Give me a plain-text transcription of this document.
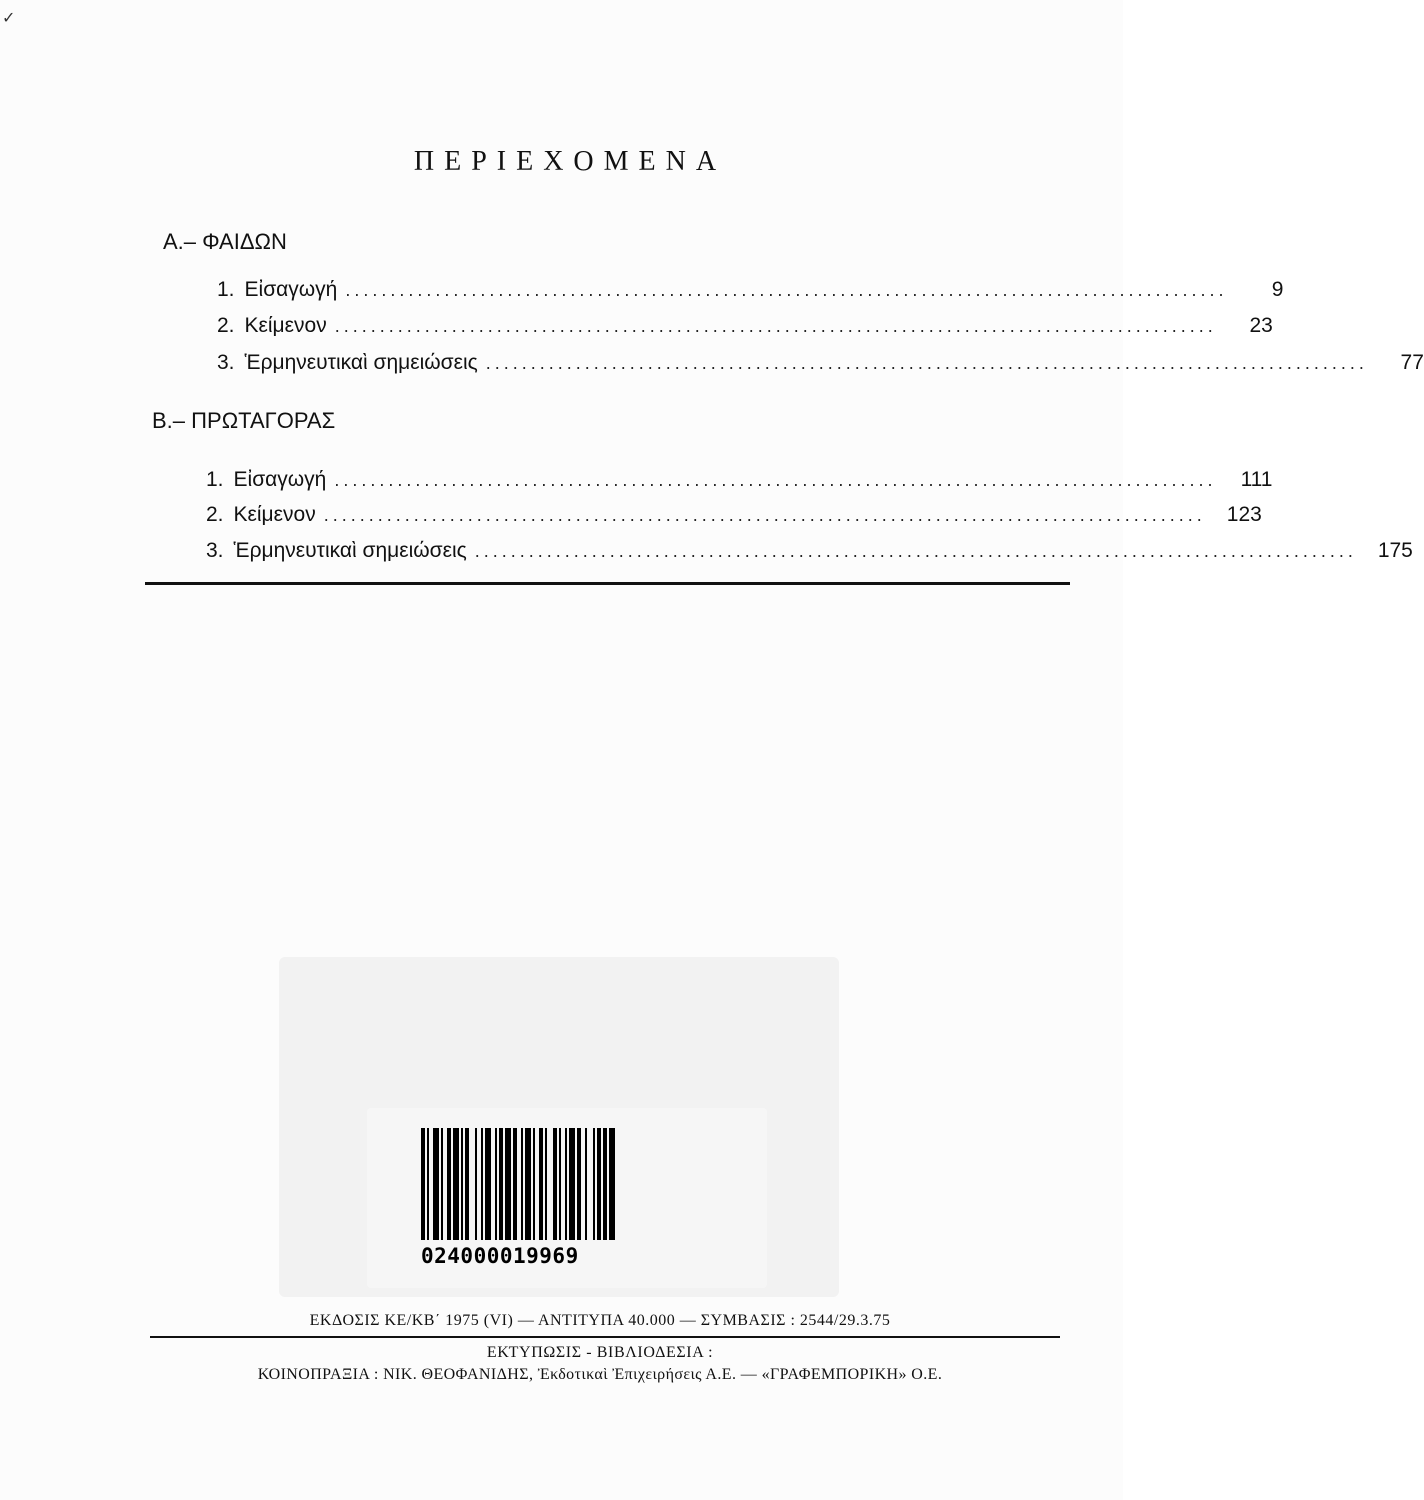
✓
ΠΕΡΙΕΧΟΜΕΝΑ
Α.– ΦΑΙΔΩΝ
1. Εἰσαγωγή ..................................................................................................	9
2. Κείμενον ..................................................................................................	23
3. Ἑρμηνευτικαὶ σημειώσεις ..................................................................................................	77
Β.– ΠΡΩΤΑΓΟΡΑΣ
1. Εἰσαγωγή ..................................................................................................	111
2. Κείμενον .................................................................................................. 123
3. Ἑρμηνευτικαὶ σημειώσεις .................................................................................................. 175
024000019969
ΕΚΔΟΣΙΣ ΚΕ/ΚΒ΄ 1975 (VI) — ΑΝΤΙΤΥΠΑ 40.000 — ΣΥΜΒΑΣΙΣ : 2544/29.3.75
ΕΚΤΥΠΩΣΙΣ - ΒΙΒΛΙΟΔΕΣΙΑ :
ΚΟΙΝΟΠΡΑΞΙΑ : ΝΙΚ. ΘΕΟΦΑΝΙΔΗΣ, Ἐκδοτικαὶ Ἐπιχειρήσεις Α.Ε. — «ΓΡΑΦΕΜΠΟΡΙΚΗ» Ο.Ε.
